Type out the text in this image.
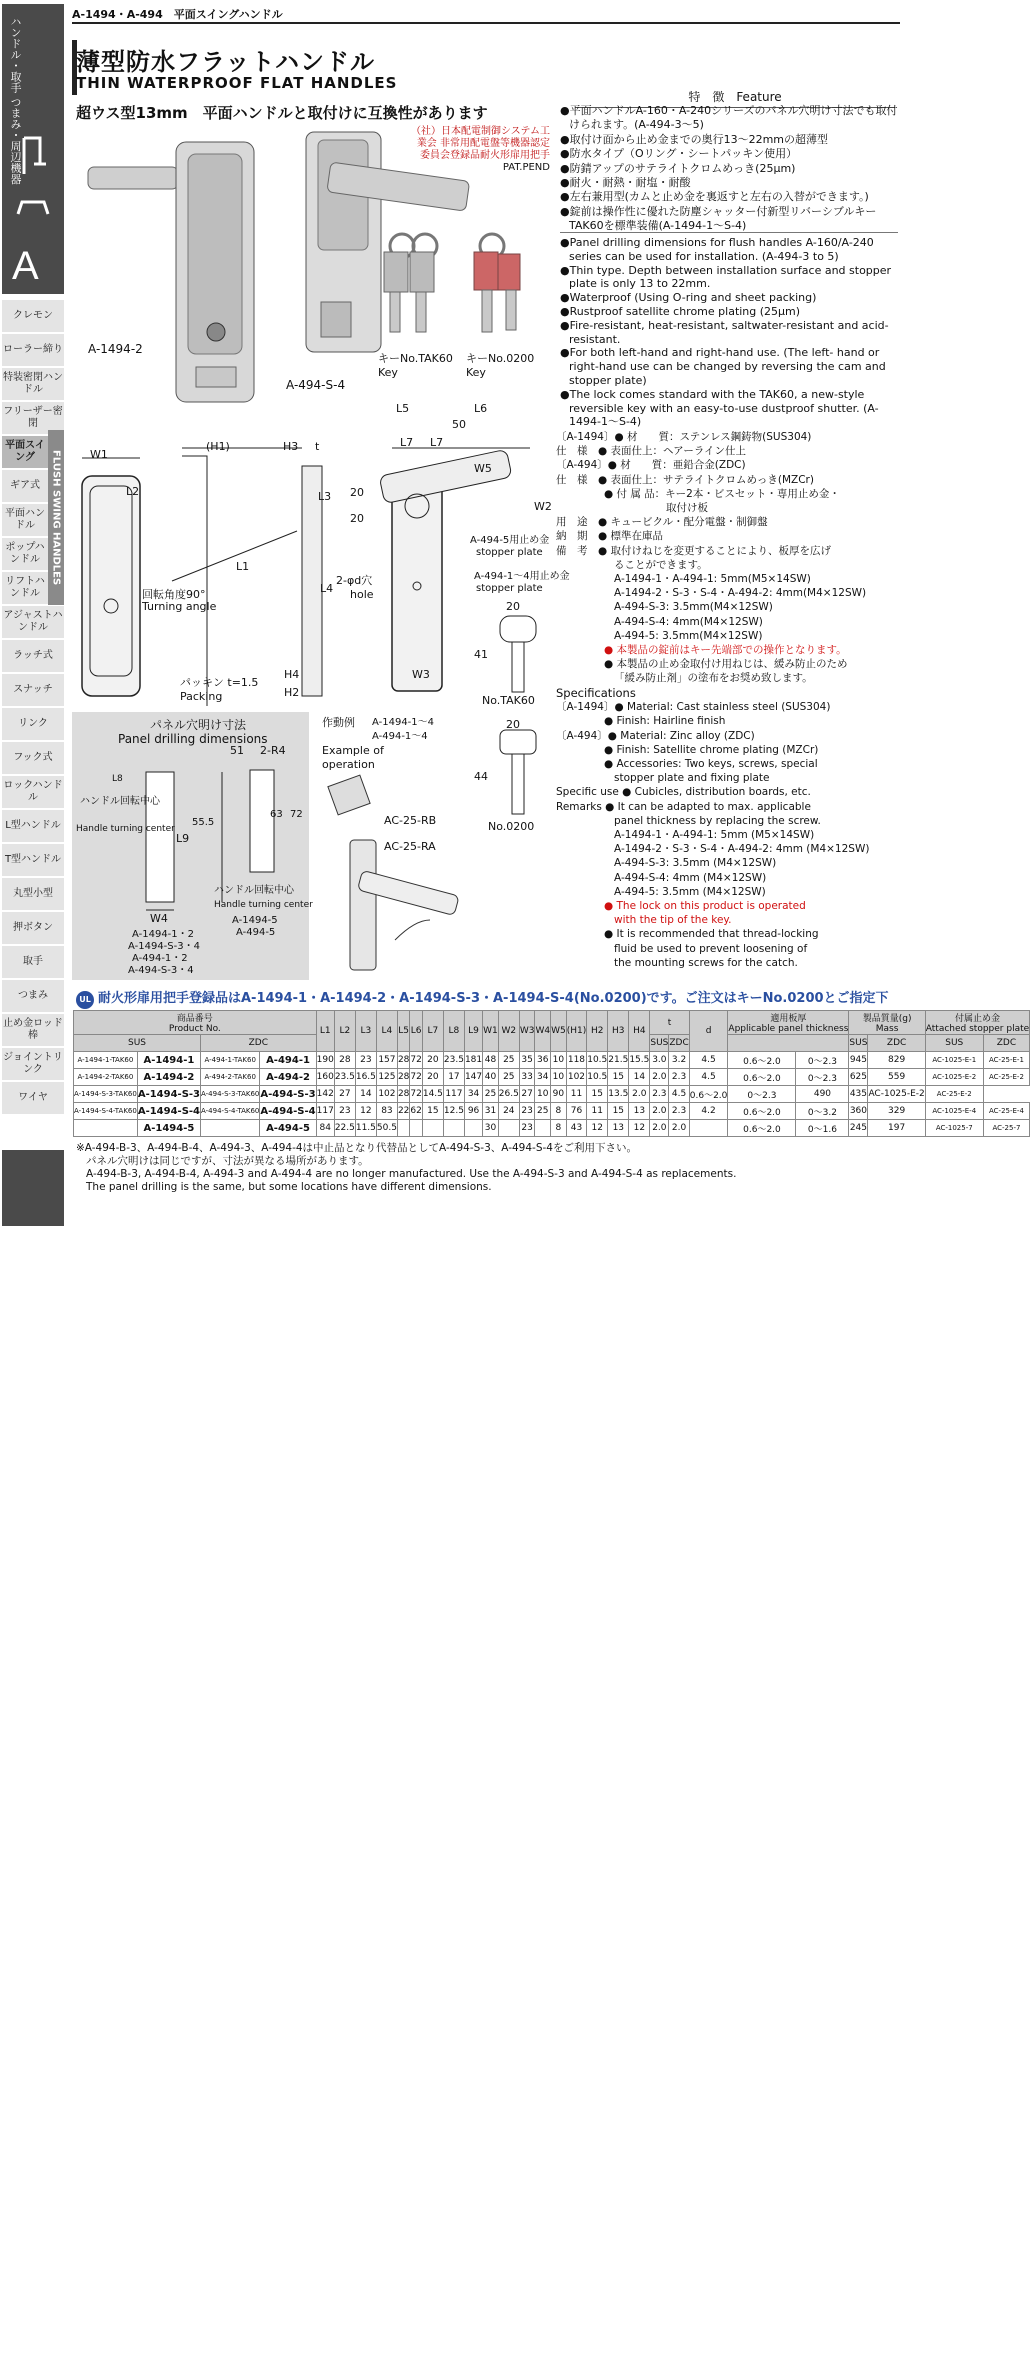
ハンドル・取手 つまみ・周辺機器
A
クレモン
ローラー締り
特装密閉ハンドル
フリーザー密閉
平面スイング
ギア式
平面ハンドル
ポップハンドル
リフトハンドル
FLUSH SWING HANDLES
アジャストハンドル
ラッチ式
スナッチ
リンク
フック式
ロックハンドル
L型ハンドル
T型ハンドル
丸型小型
押ボタン
取手
つまみ
止め金ロッド棒
ジョイントリンク
ワイヤ
総合 23★
268
A-1494・A-494　平面スイングハンドル
薄型防水フラットハンドル
THIN WATERPROOF FLAT HANDLES
超ウス型13mm　平面ハンドルと取付けに互換性があります
（社）日本配電制御システム工
業会 非常用配電盤等機器認定
委員会登録品耐火形扉用把手
PAT.PEND
A-1494-2
A-494-S-4
キーNo.TAK60
Key
キーNo.0200
Key
特　徴　Feature

●平面ハンドルA-160・A-240シリーズのパネル穴明け寸法でも取付けられます。(A-494-3～5)

●取付け面から止め金までの奥行13～22mmの超薄型

●防水タイプ（Oリング・シートパッキン使用）

●防錆アップのサテライトクロムめっき(25μm)

●耐火・耐熱・耐塩・耐酸

●左右兼用型(カムと止め金を裏返すと左右の入替ができます。)

●錠前は操作性に優れた防塵シャッター付新型リバーシブルキーTAK60を標準装備(A-1494-1～S-4)

●Panel drilling dimensions for flush handles A-160/A-240 series can be used for installation. (A-494-3 to 5)

●Thin type. Depth between installation surface and stopper plate is only 13 to 22mm.

●Waterproof (Using O-ring and sheet packing)

●Rustproof satellite chrome plating (25μm)

●Fire-resistant, heat-resistant, saltwater-resistant and acid-resistant.

●For both left-hand and right-hand use. (The left- hand or right-hand use can be changed by reversing the cam and stopper plate)

●The lock comes standard with the TAK60, a new-style reversible key with an easy-to-use dustproof shutter. (A-1494-1～S-4)

〔A-1494〕● 材　　質：ステンレス鋼鋳物(SUS304)
仕　様　● 表面仕上：ヘアーライン仕上
〔A-494〕● 材　　質：亜鉛合金(ZDC)
仕　様　● 表面仕上：サテライトクロムめっき(MZCr)
● 付 属 品：キー2本・ビスセット・専用止め金・
取付け板
用　途　● キュービクル・配分電盤・制御盤
納　期　● 標準在庫品
備　考　● 取付けねじを変更することにより、板厚を広げ
ることができます。
A-1494-1・A-494-1: 5mm(M5×14SW)
A-1494-2・S-3・S-4・A-494-2: 4mm(M4×12SW)
A-494-S-3: 3.5mm(M4×12SW)
A-494-S-4: 4mm(M4×12SW)
A-494-5: 3.5mm(M4×12SW)
● 本製品の錠前はキー先端部での操作となります。
● 本製品の止め金取付け用ねじは、緩み防止のため
「緩み防止剤」の塗布をお奨め致します。
Specifications
〔A-1494〕● Material: Cast stainless steel (SUS304)
● Finish: Hairline finish
〔A-494〕● Material: Zinc alloy (ZDC)
● Finish: Satellite chrome plating (MZCr)
● Accessories: Two keys, screws, special
stopper plate and fixing plate
Specific use ● Cubicles, distribution boards, etc.
Remarks ● It can be adapted to max. applicable
panel thickness by replacing the screw.
A-1494-1・A-494-1: 5mm (M5×14SW)
A-1494-2・S-3・S-4・A-494-2: 4mm (M4×12SW)
A-494-S-3: 3.5mm (M4×12SW)
A-494-S-4: 4mm (M4×12SW)
A-494-5: 3.5mm (M4×12SW)
● The lock on this product is operated
with the tip of the key.
● It is recommended that thread-locking
fluid be used to prevent loosening of
the mounting screws for the catch.
W1
(H1)	H3 t
L2	L3
L1
H4
H2
回転角度90°
Turning angle
パッキン t=1.5
Packing
L5	L6
50
L7 L7
W5
20
20
W2
L4
2-φd穴
hole
A-494-5用止め金
stopper plate
A-494-1～4用止め金
stopper plate
W3
20
41
No.TAK60
20
44
No.0200
パネル穴明け寸法
Panel drilling dimensions
L8
ハンドル回転中心
Handle turning center
L9
W4
51 2-R4
55.5
63 72
ハンドル回転中心
Handle turning center
A-1494-5
A-494-5
A-1494-1・2
A-1494-S-3・4
A-494-1・2
A-494-S-3・4
作動例 A-1494-1～4
A-494-1～4
Example of
operation
AC-25-RB
AC-25-RA
UL 耐火形扉用把手登録品はA-1494-1・A-1494-2・A-1494-S-3・A-1494-S-4(No.0200)です。ご注文はキーNo.0200とご指定下
商品番号
Product No.				L1	L2	L3	L4	L5	L6	L7	L8	L9	W1	W2	W3	W4	W5	(H1)	H2	H3	H4	t		d	適用板厚
Applicable panel thickness		製品質量(g)
Mass		付属止め金
Attached stopper plate	
SUS		ZDC																				SUS	ZDC				SUS	ZDC	SUS	ZDC
A-1494-1-TAK60	A-1494-1	A-494-1-TAK60	A-494-1	190	28	23	157	28	72	20	23.5	181	48	25	35	36	10	118	10.5	21.5	15.5	3.0	3.2	4.5	0.6～2.0	0～2.3	945	829	AC-1025-E-1	AC-25-E-1
A-1494-2-TAK60	A-1494-2	A-494-2-TAK60	A-494-2	160	23.5	16.5	125	28	72	20	17	147	40	25	33	34	10	102	10.5	15	14	2.0	2.3	4.5	0.6～2.0	0～2.3	625	559	AC-1025-E-2	AC-25-E-2
A-1494-S-3-TAK60	A-1494-S-3	A-494-S-3-TAK60	A-494-S-3	142	27	14	102	28	72	14.5	117	34	25	26.5	27	10	90	11	15	13.5	2.0	2.3	4.5	0.6～2.0	0～2.3	490	435	AC-1025-E-2	AC-25-E-2	
A-1494-S-4-TAK60	A-1494-S-4	A-494-S-4-TAK60	A-494-S-4	117	23	12	83	22	62	15	12.5	96	31	24	23	25	8	76	11	15	13	2.0	2.3	4.2	0.6～2.0	0～3.2	360	329	AC-1025-E-4	AC-25-E-4
	A-1494-5		A-494-5	84	22.5	11.5	50.5						30		23		8	43	12	13	12	2.0	2.0		0.6～2.0	0～1.6	245	197	AC-1025-7	AC-25-7
※A-494-B-3、A-494-B-4、A-494-3、A-494-4は中止品となり代替品としてA-494-S-3、A-494-S-4をご利用下さい。
パネル穴明けは同じですが、寸法が異なる場所があります。
A-494-B-3, A-494-B-4, A-494-3 and A-494-4 are no longer manufactured. Use the A-494-S-3 and A-494-S-4 as replacements.
The panel drilling is the same, but some locations have different dimensions.
